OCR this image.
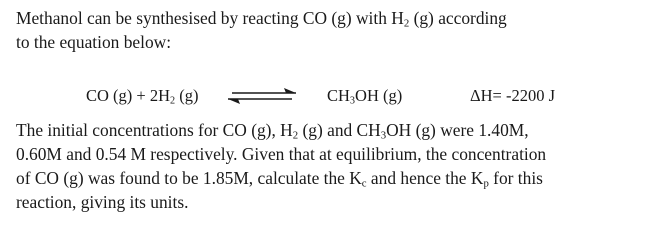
Methanol can be synthesised by reacting CO (g) with $H_2$ (g) according
to the equation below:

CO $(g) + 2H_2$ (g)	$CH_3OH$ (g)	ΔH= -2200 J

The initial concentrations for CO (g), $H_2$ (g) and $CH_3OH$ (g) were 1.40M,
0.60M and 0.54 M respectively. Given that at equilibrium, the concentration
of CO (g) was found to be 1.85M, calculate the $K_c$ and hence the $K_p$ for this
reaction, giving its units.
